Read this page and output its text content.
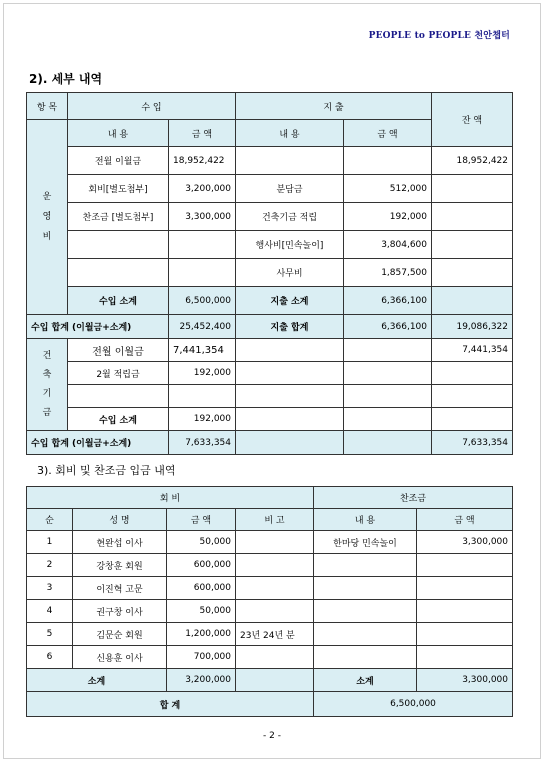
PEOPLE to PEOPLE 천안챕터
2). 세부 내역
항 목	수 입		지 출		잔 액

운
영
비	내 용	금 액	내 용	금 액	
	전월 이월금	18,952,422			18,952,422
	회비[별도첨부]	3,200,000	분담금	512,000	
	찬조금 [별도첨부]	3,300,000	건축기금 적립	192,000	
			행사비[민속놀이]	3,804,600	
			사무비	1,857,500	
	수입 소계	6,500,000	지출 소계	6,366,100	
수입 합계 (이월금+소계)		25,452,400	지출 합계	6,366,100	19,086,322

건
축
기
금	전월 이월금	7,441,354			7,441,354
	2월 적립금	192,000			

	수입 소계	192,000			
수입 합계 (이월금+소계)		7,633,354			7,633,354
3). 회비 및 찬조금 입금 내역
회 비				찬조금	
순	성 명	금 액	비 고	내 용	금 액
1	현완섭 이사	50,000		한마당 민속놀이	3,300,000
2	강창훈 회원	600,000			
3	이진혁 고문	600,000			
4	권구창 이사	50,000			
5	김문순 회원	1,200,000	23년 24년 분		
6	신용훈 이사	700,000			
소계		3,200,000		소계	3,300,000
합 계				6,500,000	
- 2 -
